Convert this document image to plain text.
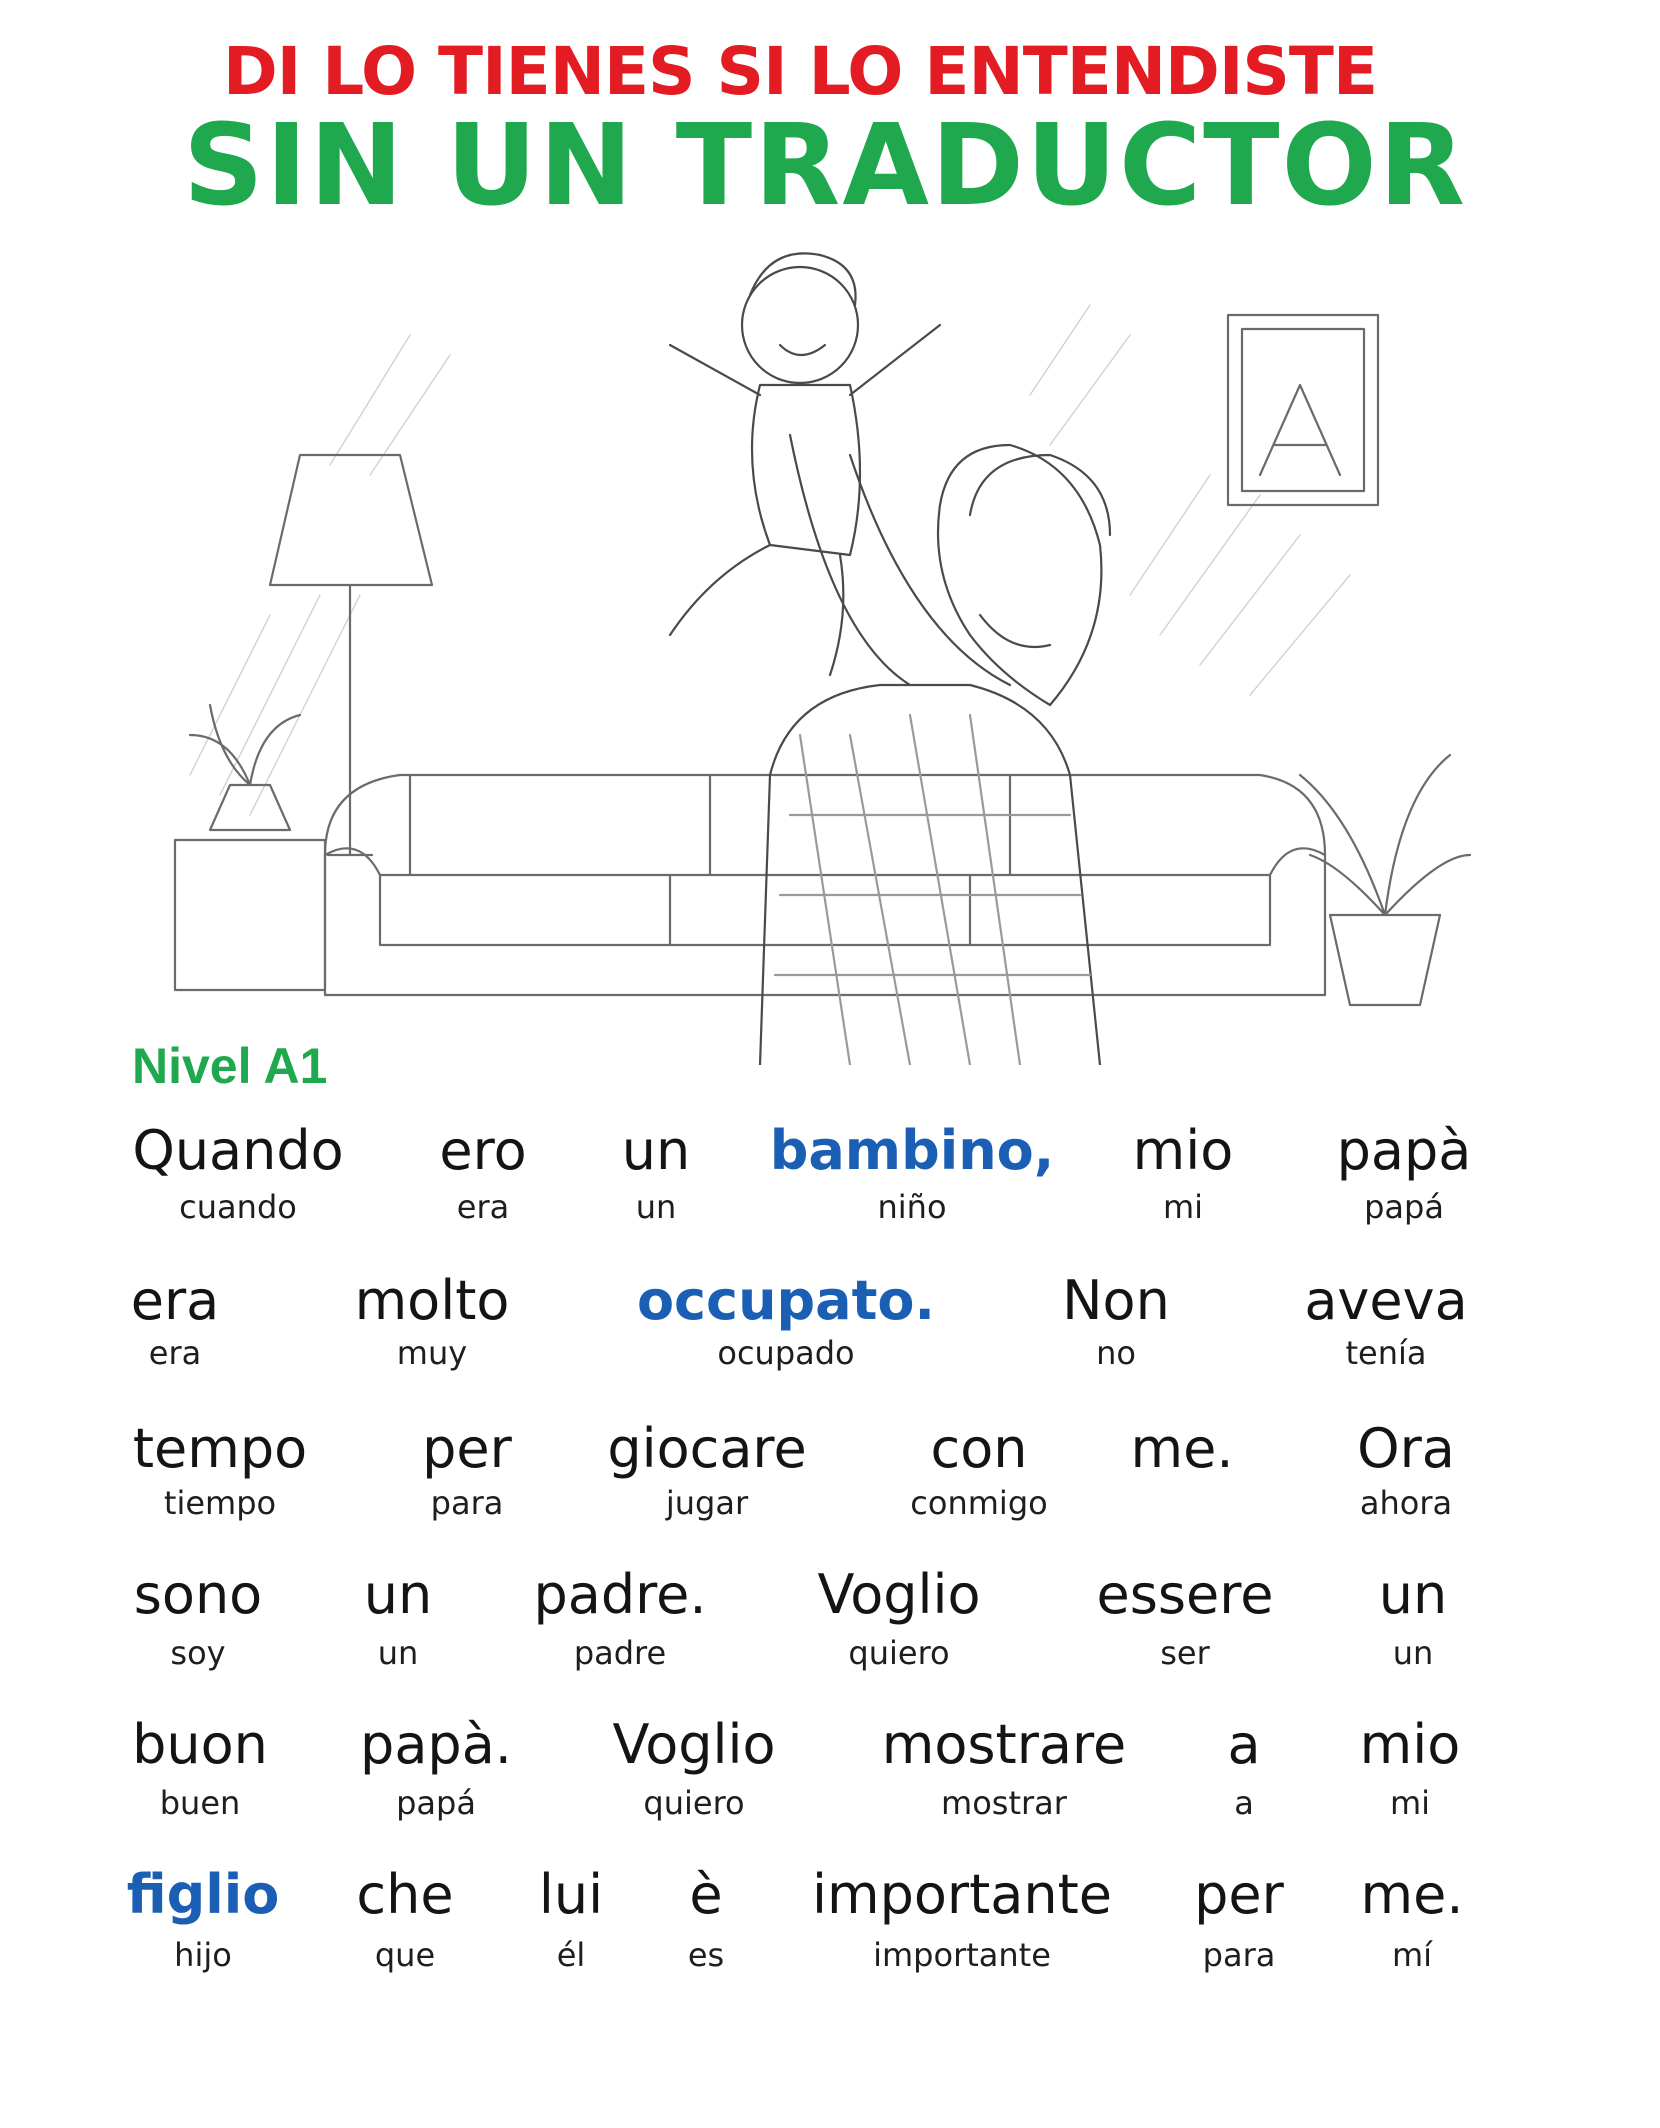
DI LO TIENES SI LO ENTENDISTE
SIN UN TRADUCTOR
Nivel A1
Quando
cuando
ero
era
un
un
bambino,
niño
mio
mi
papà
papá
era
era
molto
muy
occupato.
ocupado
Non
no
aveva
tenía
tempo
tiempo
per
para
giocare
jugar
con
conmigo
me. Ora
ahora
sono
soy
un
un
padre.
padre
Voglio
quiero
essere
ser
un
un
buon
buen
papà.
papá
Voglio
quiero
mostrare
mostrar
a
a
mio
mi
figlio
hijo
che
que
lui
él
è
es
importante
importante
per
para
me.
mí
